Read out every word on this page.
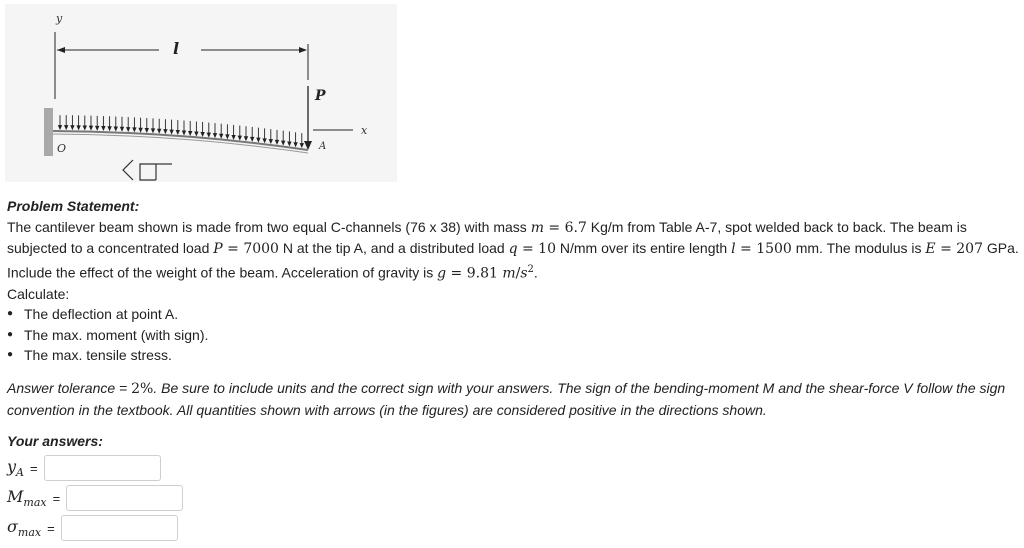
y
l
P
x
O	A
Problem Statement:
The cantilever beam shown is made from two equal C-channels (76 x 38) with mass m = 6.7 Kg/m from Table A-7, spot welded back to back. The beam is subjected to a concentrated load P = 7000 N at the tip A, and a distributed load q = 10 N/mm over its entire length l = 1500 mm. The modulus is E = 207 GPa. Include the effect of the weight of the beam. Acceleration of gravity is g = 9.81 $m/s^2$.
Calculate:
● The deflection at point A.
● The max. moment (with sign).
● The max. tensile stress.
Answer tolerance = 2%. Be sure to include units and the correct sign with your answers. The sign of the bending-moment M and the shear-force V follow the sign convention in the textbook. All quantities shown with arrows (in the figures) are considered positive in the directions shown.
Your answers:
$y_A$ =
$M_{max}$ =
$\sigma_{max}$ =
